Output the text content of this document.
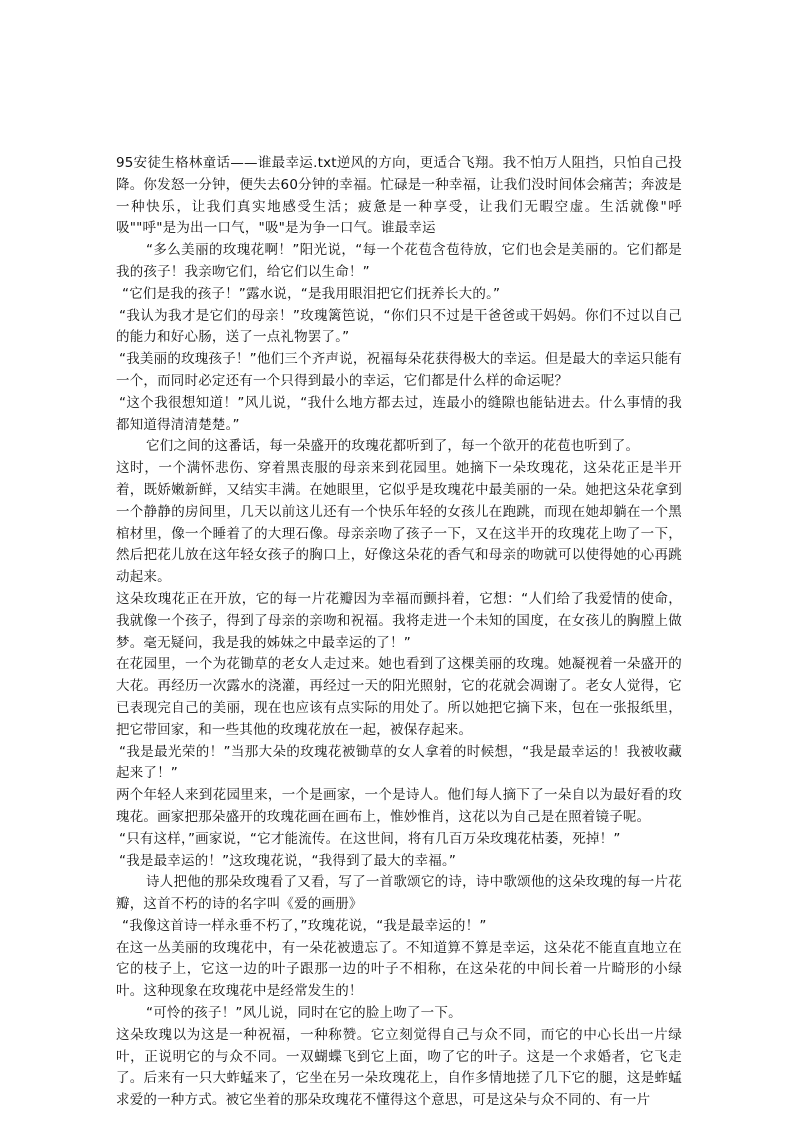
95安徒生格林童话——谁最幸运.txt逆风的方向，更适合飞翔。我不怕万人阻挡，只怕自己投降。你发怒一分钟，便失去60分钟的幸福。忙碌是一种幸福，让我们没时间体会痛苦；奔波是一种快乐，让我们真实地感受生活；疲惫是一种享受，让我们无暇空虚。生活就像"呼吸""呼"是为出一口气，"吸"是为争一口气。谁最幸运

“多么美丽的玫瑰花啊！”阳光说，“每一个花苞含苞待放，它们也会是美丽的。它们都是我的孩子！我亲吻它们，给它们以生命！”

“它们是我的孩子！”露水说，“是我用眼泪把它们抚养长大的。”

“我认为我才是它们的母亲！”玫瑰篱笆说，“你们只不过是干爸爸或干妈妈。你们不过以自己的能力和好心肠，送了一点礼物罢了。”

“我美丽的玫瑰孩子！”他们三个齐声说，祝福每朵花获得极大的幸运。但是最大的幸运只能有一个，而同时必定还有一个只得到最小的幸运，它们都是什么样的命运呢？

“这个我很想知道！”风儿说，“我什么地方都去过，连最小的缝隙也能钻进去。什么事情的我都知道得清清楚楚。”

它们之间的这番话，每一朵盛开的玫瑰花都听到了，每一个欲开的花苞也听到了。

这时，一个满怀悲伤、穿着黑丧服的母亲来到花园里。她摘下一朵玫瑰花，这朵花正是半开着，既娇嫩新鲜，又结实丰满。在她眼里，它似乎是玫瑰花中最美丽的一朵。她把这朵花拿到一个静静的房间里，几天以前这儿还有一个快乐年轻的女孩儿在跑跳，而现在她却躺在一个黑棺材里，像一个睡着了的大理石像。母亲亲吻了孩子一下，又在这半开的玫瑰花上吻了一下，然后把花儿放在这年轻女孩子的胸口上，好像这朵花的香气和母亲的吻就可以使得她的心再跳动起来。

这朵玫瑰花正在开放，它的每一片花瓣因为幸福而颤抖着，它想：“人们给了我爱情的使命，我就像一个孩子，得到了母亲的亲吻和祝福。我将走进一个未知的国度，在女孩儿的胸膛上做梦。毫无疑问，我是我的姊妹之中最幸运的了！”

在花园里，一个为花锄草的老女人走过来。她也看到了这棵美丽的玫瑰。她凝视着一朵盛开的大花。再经历一次露水的浇灌，再经过一天的阳光照射，它的花就会凋谢了。老女人觉得，它已表现完自己的美丽，现在也应该有点实际的用处了。所以她把它摘下来，包在一张报纸里，把它带回家，和一些其他的玫瑰花放在一起，被保存起来。

“我是最光荣的！”当那大朵的玫瑰花被锄草的女人拿着的时候想，“我是最幸运的！我被收藏起来了！”

两个年轻人来到花园里来，一个是画家，一个是诗人。他们每人摘下了一朵自以为最好看的玫瑰花。画家把那朵盛开的玫瑰花画在画布上，惟妙惟肖，这花以为自己是在照着镜子呢。

“只有这样，”画家说，“它才能流传。在这世间，将有几百万朵玫瑰花枯萎，死掉！”

“我是最幸运的！”这玫瑰花说，“我得到了最大的幸福。”

诗人把他的那朵玫瑰看了又看，写了一首歌颂它的诗，诗中歌颂他的这朵玫瑰的每一片花瓣，这首不朽的诗的名字叫《爱的画册》

“我像这首诗一样永垂不朽了，”玫瑰花说，“我是最幸运的！”

在这一丛美丽的玫瑰花中，有一朵花被遗忘了。不知道算不算是幸运，这朵花不能直直地立在它的枝子上，它这一边的叶子跟那一边的叶子不相称，在这朵花的中间长着一片畸形的小绿叶。这种现象在玫瑰花中是经常发生的！

“可怜的孩子！”风儿说，同时在它的脸上吻了一下。

这朵玫瑰以为这是一种祝福，一种称赞。它立刻觉得自己与众不同，而它的中心长出一片绿叶，正说明它的与众不同。一双蝴蝶飞到它上面，吻了它的叶子。这是一个求婚者，它飞走了。后来有一只大蚱蜢来了，它坐在另一朵玫瑰花上，自作多情地搓了几下它的腿，这是蚱蜢求爱的一种方式。被它坐着的那朵玫瑰花不懂得这个意思，可是这朵与众不同的、有一片
